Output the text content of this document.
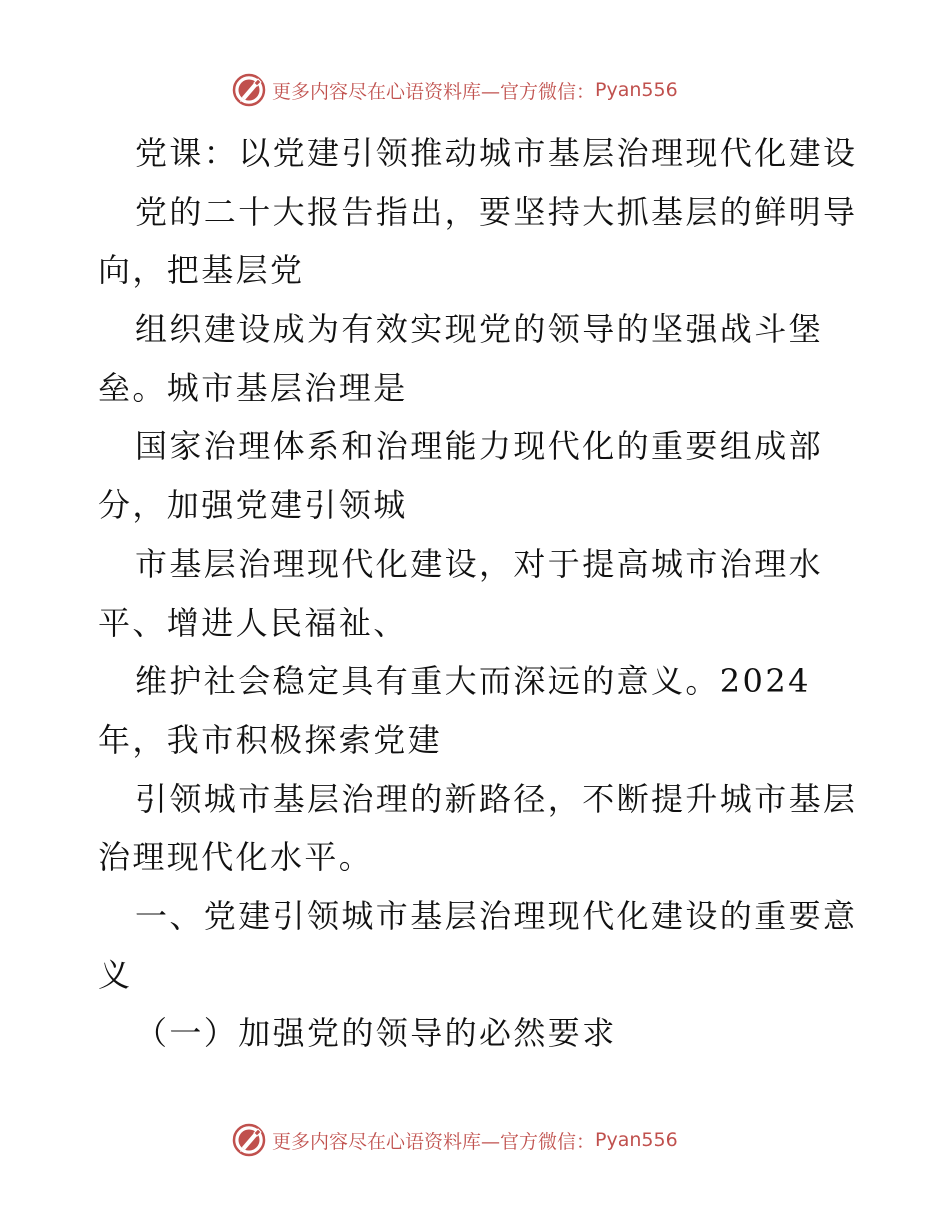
更多内容尽在心语资料库—官方微信： Pyan556
党课：以党建引领推动城市基层治理现代化建设
党的二十大报告指出，要坚持大抓基层的鲜明导
向，把基层党
组织建设成为有效实现党的领导的坚强战斗堡
垒。城市基层治理是
国家治理体系和治理能力现代化的重要组成部
分，加强党建引领城
市基层治理现代化建设，对于提高城市治理水
平、增进人民福祉、
维护社会稳定具有重大而深远的意义。2024
年，我市积极探索党建
引领城市基层治理的新路径，不断提升城市基层
治理现代化水平。
一、党建引领城市基层治理现代化建设的重要意
义
（一）加强党的领导的必然要求
更多内容尽在心语资料库—官方微信： Pyan556
